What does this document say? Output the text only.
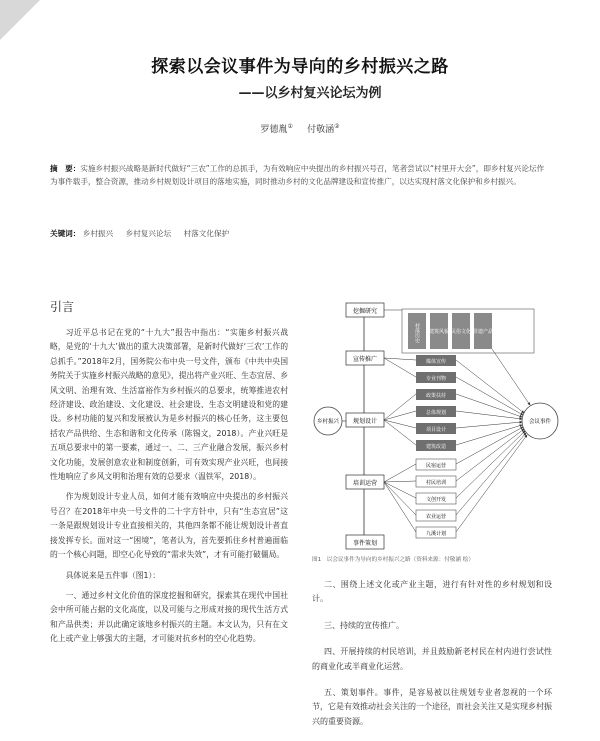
探索以会议事件为导向的乡村振兴之路
——以乡村复兴论坛为例
罗德胤① 付敬涵②
摘　要：实施乡村振兴战略是新时代做好“三农”工作的总抓手，为有效响应中央提出的乡村振兴号召，笔者尝试以“村里开大会”，即乡村复兴论坛作为事件载手，整合资源，推动乡村规划设计项目的落地实施，同时推动乡村的文化品牌建设和宣传推广，以达实现村落文化保护和乡村振兴。
关键词： 乡村振兴 乡村复兴论坛 村落文化保护
引言

习近平总书记在党的“十九大”报告中指出：“实施乡村振兴战略，是党的‘十九大’做出的重大决策部署，是新时代做好‘三农’工作的总抓手。”2018年2月，国务院公布中央一号文件，颁布《中共中央国务院关于实施乡村振兴战略的意见》，提出将产业兴旺、生态宜居、乡风文明、治理有效、生活富裕作为乡村振兴的总要求，统筹推进农村经济建设、政治建设、文化建设、社会建设、生态文明建设和党的建设。乡村功能的复兴和发展被认为是乡村振兴的核心任务，这主要包括农产品供给、生态和谐和文化传承（陈锡文，2018）。产业兴旺是五项总要求中的第一要素，通过一、二、三产业融合发展，振兴乡村文化功能，发展创意农业和制度创新，可有效实现产业兴旺，也间接性地响应了乡风文明和治理有效的总要求（温铁军，2018）。

作为规划设计专业人员，如何才能有效响应中央提出的乡村振兴号召？在2018年中央一号文件的二十字方针中，只有“生态宜居”这一条是跟规划设计专业直接相关的，其他四条都不能让规划设计者直接发挥专长。面对这一“困境”，笔者认为，首先要抓住乡村普遍面临的一个核心问题，即空心化导致的“需求失效”，才有可能打破僵局。

具体说来是五件事（图1）：

一、通过乡村文化价值的深度挖掘和研究，探索其在现代中国社会中所可能占据的文化高度，以及可能与之形成对接的现代生活方式和产品供类；并以此确定该地乡村振兴的主题。本文认为，只有在文化上或产业上够强大的主题，才可能对抗乡村的空心化趋势。

挖掘研究
宣传推广
规划设计
培训运营
事件策划
村落历史 建筑风貌 民俗文化 非遗产品
乡村振兴	会议事件
媒体宣传
专业刊物
政策扶持
总体规划
项目设计
建筑改造
民宿运营
村民培训
文创开发
农业运营
九溪计划
图1　以会议事件为导向的乡村振兴之路（资料来源：付敬涵 绘）

二、围绕上述文化或产业主题，进行有针对性的乡村规划和设计。

三、持续的宣传推广。

四、开展持续的村民培训，并且鼓励新老村民在村内进行尝试性的商业化或半商业化运营。

五、策划事件。事件，是容易被以往规划专业者忽视的一个环节，它是有效推动社会关注的一个途径，而社会关注又是实现乡村振兴的重要资源。
